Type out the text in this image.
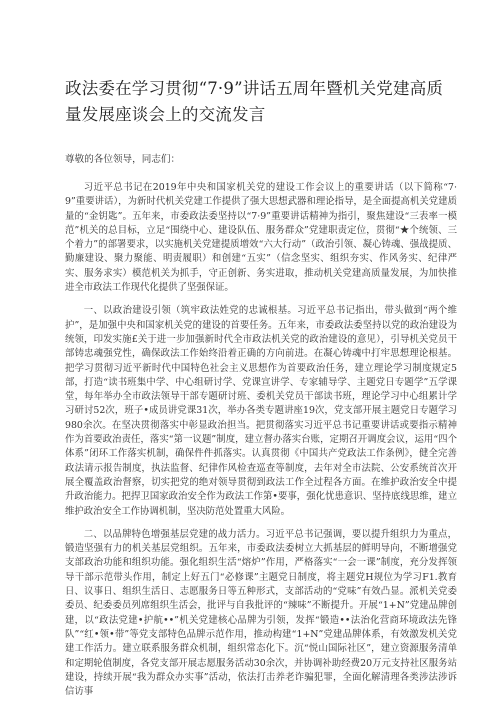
政法委在学习贯彻“7·9”讲话五周年暨机关党建高质量发展座谈会上的交流发言

尊敬的各位领导，同志们：

习近平总书记在2019年中央和国家机关党的建设工作会议上的重要讲话（以下简称“7·9”重要讲话），为新时代机关党建工作提供了强大思想武器和理论指导，是全面提高机关党建质量的“金钥匙”。五年来，市委政法委坚持以“7·9”重要讲话精神为指引，聚焦建设“三表率一模范”机关的总目标，立足“围绕中心、建设队伍、服务群众”党建职责定位，贯彻“★个统领、三个着力”的部署要求，以实施机关党建提质增效“六大行动”（政治引领、凝心铸魂、强战提质、勤廉建设、聚力聚能、明责履职）和创建“五实”（信念坚实、组织夯实、作风务实、纪律严实、服务求实）模范机关为抓手，守正创新、务实进取，推动机关党建高质量发展，为加快推进全市政法工作现代化提供了坚强保证。

一、以政治建设引领（筑牢政法姓党的忠诚根基。习近平总书记指出，带头做到“两个维护”，是加强中央和国家机关党的建设的首要任务。五年来，市委政法委坚持以党的政治建设为统领，印发实施£关于进一步加强新时代全市政法机关党的政治建设的意见），引导机关党员干部铸忠魂强党性，确保政法工作始终沿着正确的方向前进。在凝心铸魂中打牢思想理论根基。把学习贯彻习近平新时代中国特色社会主义思想作为首要政治任务，建立理论学习制度规定5部，打造“读书班集中学、中心组研讨学、党课宣讲学、专家辅导学、主题党日专题学”五学课堂，每年举办全市政法领导干部专题研讨班、委机关党员干部读书班，理论学习中心组累计学习研讨52次，班子•成员讲党课31次，举办各类专题讲座19次，党支部开展主题党日专题学习980余次。在坚决贯彻落实中彰显政治担当。把贯彻落实习近平总书记重要讲话或要指示精神作为首要政治责任，落实“第一议题”制度，建立督办落实台账，定期召开调度会议，运用“四个体系”闭环工作落实机制，确保件件抓落实。认真贯彻《中国共产党政法工作条例》，健全完善政法请示报告制度，执法监督、纪律作风检查巡查等制度，去年对全市法院、公安系统首次开展全覆盖政治督察，切实把党的绝对领导贯彻到政法工作全过程各方面。在维护政治安全中提升政治能力。把捍卫国家政治安全作为政法工作第•要事，强化忧患意识、坚持底线思维，建立维护政治安全工作协调机制，坚决防范处置重大风险。

二、以品牌特色增强基层党建的战力活力。习近平总书记强调，要以提升组织力为重点，锻造坚强有力的机关基层党组织。五年来，市委政法委树立大抓基层的鲜明导向，不断增强党支部政治功能和组织功能。强化组织生活“熔炉”作用，严格落实“一会一课”制度，充分发挥领导干部示范带头作用，制定上好五门“必修课”主题党日制度，将主题党H规位为学习F1.教育日、议事日、组织生活日、志愿服务日等五种形式，支部活动的“党味”有效凸显。派机关党委委员、纪委委员列席组织生活会，批评与自我批评的“辣味”不断提升。开展“1+N”党建品牌创建，以“政法党建•护航••”机关党建核心品牌为引领，发挥“锻造••法治化营商环境政法先锋队”“红•领•带”等党支部特色品牌示范作用，推动构建“1+N”党建品牌体系，有效激发机关党建工作活力。建立联系服务群众机制，组织常态化下。沉“悦山国际社区”，建立资源服务清单和定期轮值制度，各党支部开展志愿服务活动30余次，并协调补助经费20万元支持社区服务站建设，持续开展“我为群众办实事”活动，依法打击养老诈骗犯罪，全面化解清理各类涉法涉诉信访事
